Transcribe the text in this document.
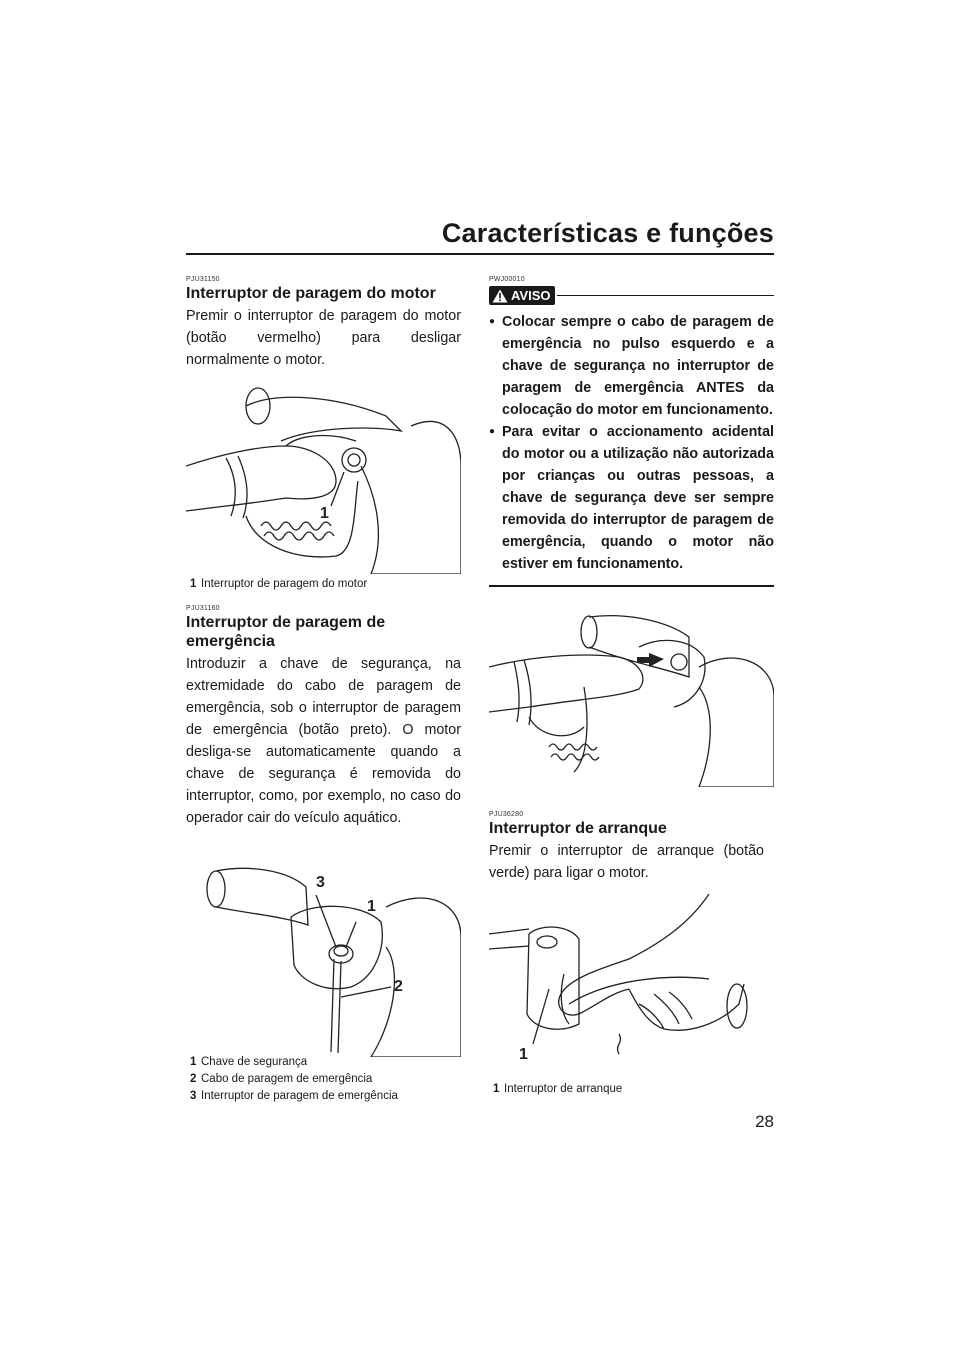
Características e funções
PJU31150
Interruptor de paragem do motor

Premir o interruptor de paragem do motor (botão vermelho) para desligar normalmente o motor.

1
1 Interruptor de paragem do motor
PJU31160
Interruptor de paragem de emergência

Introduzir a chave de segurança, na extremidade do cabo de paragem de emergência, sob o interruptor de paragem de emergência (botão preto). O motor desliga-se automaticamente quando a chave de segurança é removida do interruptor, como, por exemplo, no caso do operador cair do veículo aquático.

3
1
2
1 Chave de segurança
2 Cabo de paragem de emergência
3 Interruptor de paragem de emergência
PWJ00010
AVISO
● Colocar sempre o cabo de paragem de emergência no pulso esquerdo e a chave de segurança no interruptor de paragem de emergência ANTES da colocação do motor em funcionamento.
● Para evitar o accionamento acidental do motor ou a utilização não autorizada por crianças ou outras pessoas, a chave de segurança deve ser sempre removida do interruptor de paragem de emergência, quando o motor não estiver em funcionamento.
PJU36280
Interruptor de arranque

Premir o interruptor de arranque (botão verde) para ligar o motor.

1
1 Interruptor de arranque
28
